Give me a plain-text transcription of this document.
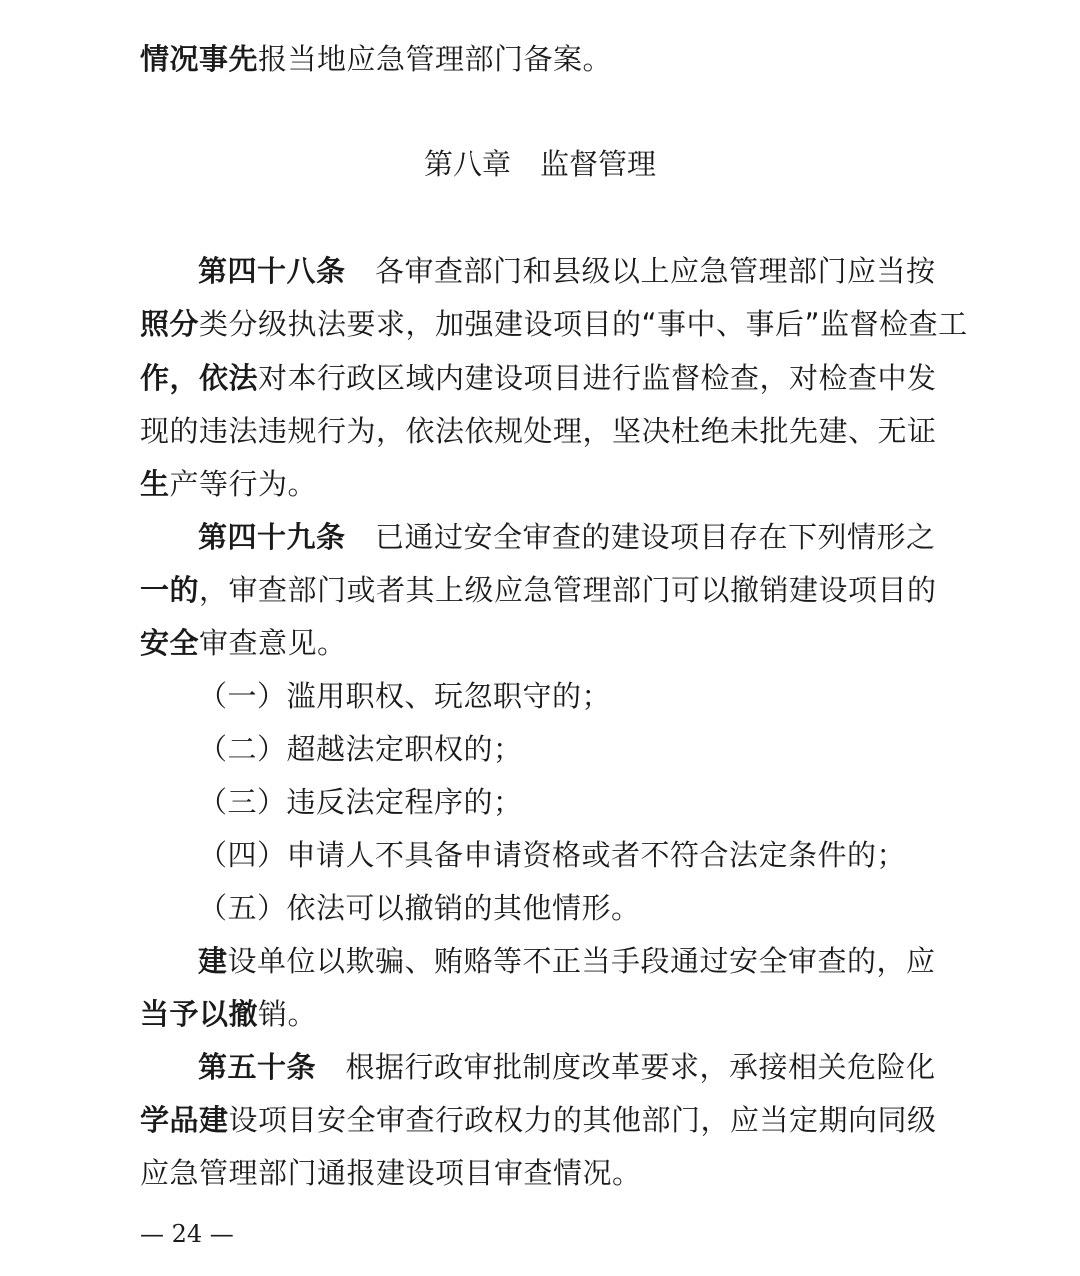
情况事先报当地应急管理部门备案。
第八章　监督管理
第四十八条　各审查部门和县级以上应急管理部门应当按
照分类分级执法要求，加强建设项目的“事中、事后”监督检查工
作，依法对本行政区域内建设项目进行监督检查，对检查中发
现的违法违规行为，依法依规处理，坚决杜绝未批先建、无证
生产等行为。
第四十九条　已通过安全审查的建设项目存在下列情形之
一的，审查部门或者其上级应急管理部门可以撤销建设项目的
安全审查意见。
（一）滥用职权、玩忽职守的；
（二）超越法定职权的；
（三）违反法定程序的；
（四）申请人不具备申请资格或者不符合法定条件的；
（五）依法可以撤销的其他情形。
建设单位以欺骗、贿赂等不正当手段通过安全审查的，应
当予以撤销。
第五十条　根据行政审批制度改革要求，承接相关危险化
学品建设项目安全审查行政权力的其他部门，应当定期向同级
应急管理部门通报建设项目审查情况。
— 24 —
